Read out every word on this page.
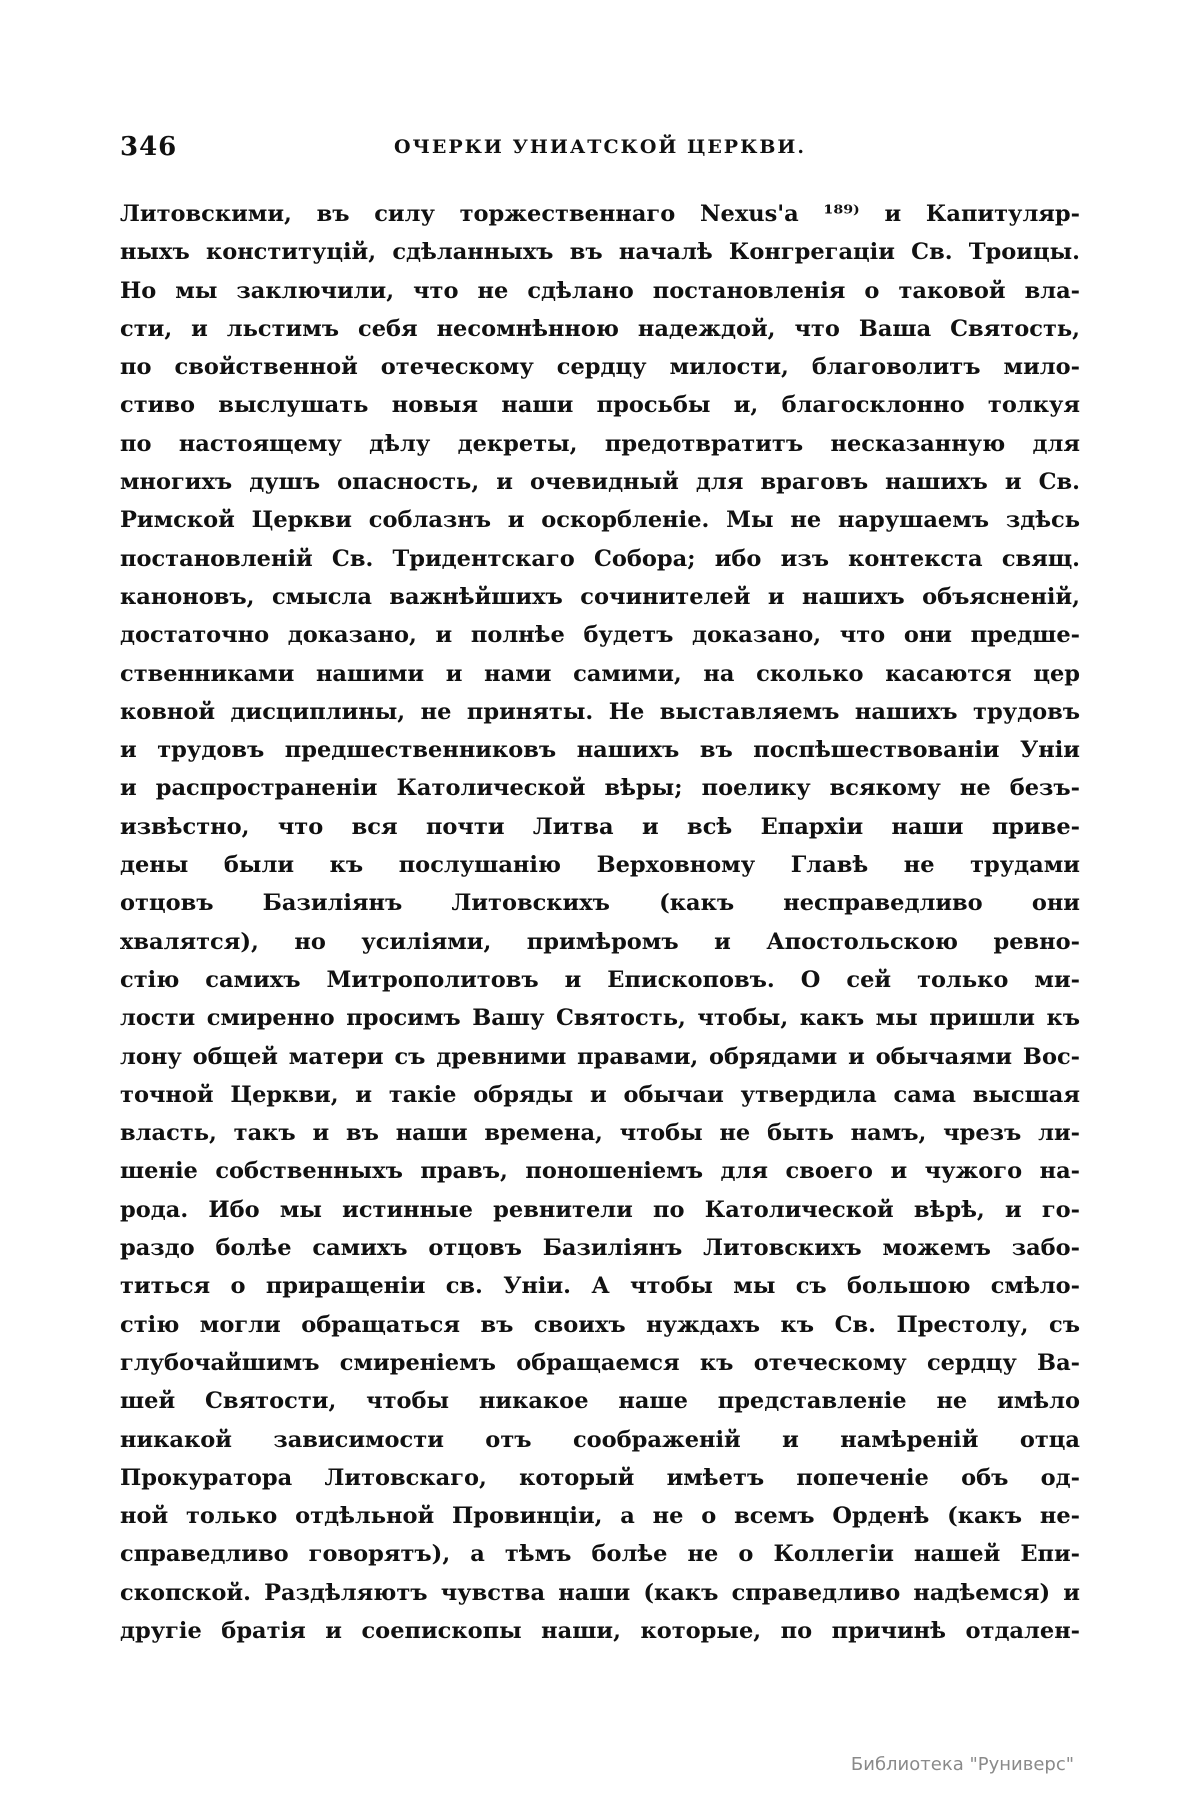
346	ОЧЕРКИ УНИАТСКОЙ ЦЕРКВИ.
Литовскими, въ силу торжественнаго Nexus'а ¹⁸⁹⁾ и Капитуляр-
ныхъ конституцій, сдѣланныхъ въ началѣ Конгрегаціи Св. Троицы.
Но мы заключили, что не сдѣлано постановленія о таковой вла-
сти, и льстимъ себя несомнѣнною надеждой, что Ваша Святость,
по свойственной отеческому сердцу милости, благоволитъ мило-
стиво выслушать новыя наши просьбы и, благосклонно толкуя
по настоящему дѣлу декреты, предотвратитъ несказанную для
многихъ душъ опасность, и очевидный для враговъ нашихъ и Св.
Римской Церкви соблазнъ и оскорбленіе. Мы не нарушаемъ здѣсь
постановленій Св. Тридентскаго Собора; ибо изъ контекста свящ.
каноновъ, смысла важнѣйшихъ сочинителей и нашихъ объясненій,
достаточно доказано, и полнѣе будетъ доказано, что они предше-
ственниками нашими и нами самими, на сколько касаются цер
ковной дисциплины, не приняты. Не выставляемъ нашихъ трудовъ
и трудовъ предшественниковъ нашихъ въ поспѣшествованіи Уніи
и распространеніи Католической вѣры; поелику всякому не безъ-
извѣстно, что вся почти Литва и всѣ Епархіи наши приве-
дены были къ послушанію Верховному Главѣ не трудами
отцовъ Базиліянъ Литовскихъ (какъ несправедливо они
хвалятся), но усиліями, примѣромъ и Апостольскою ревно-
стію самихъ Митрополитовъ и Епископовъ. О сей только ми-
лости смиренно просимъ Вашу Святость, чтобы, какъ мы пришли къ
лону общей матери съ древними правами, обрядами и обычаями Вос-
точной Церкви, и такіе обряды и обычаи утвердила сама высшая
власть, такъ и въ наши времена, чтобы не быть намъ, чрезъ ли-
шеніе собственныхъ правъ, поношеніемъ для своего и чужого на-
рода. Ибо мы истинные ревнители по Католической вѣрѣ, и го-
раздо болѣе самихъ отцовъ Базиліянъ Литовскихъ можемъ забо-
титься о приращеніи св. Уніи. А чтобы мы съ большою смѣло-
стію могли обращаться въ своихъ нуждахъ къ Св. Престолу, съ
глубочайшимъ смиреніемъ обращаемся къ отеческому сердцу Ва-
шей Святости, чтобы никакое наше представленіе не имѣло
никакой зависимости отъ соображеній и намѣреній отца
Прокуратора Литовскаго, который имѣетъ попеченіе объ од-
ной только отдѣльной Провинціи, а не о всемъ Орденѣ (какъ не-
справедливо говорятъ), а тѣмъ болѣе не о Коллегіи нашей Епи-
скопской. Раздѣляютъ чувства наши (какъ справедливо надѣемся) и
другіе братія и соепископы наши, которые, по причинѣ отдален-
Библиотека "Руниверс"
